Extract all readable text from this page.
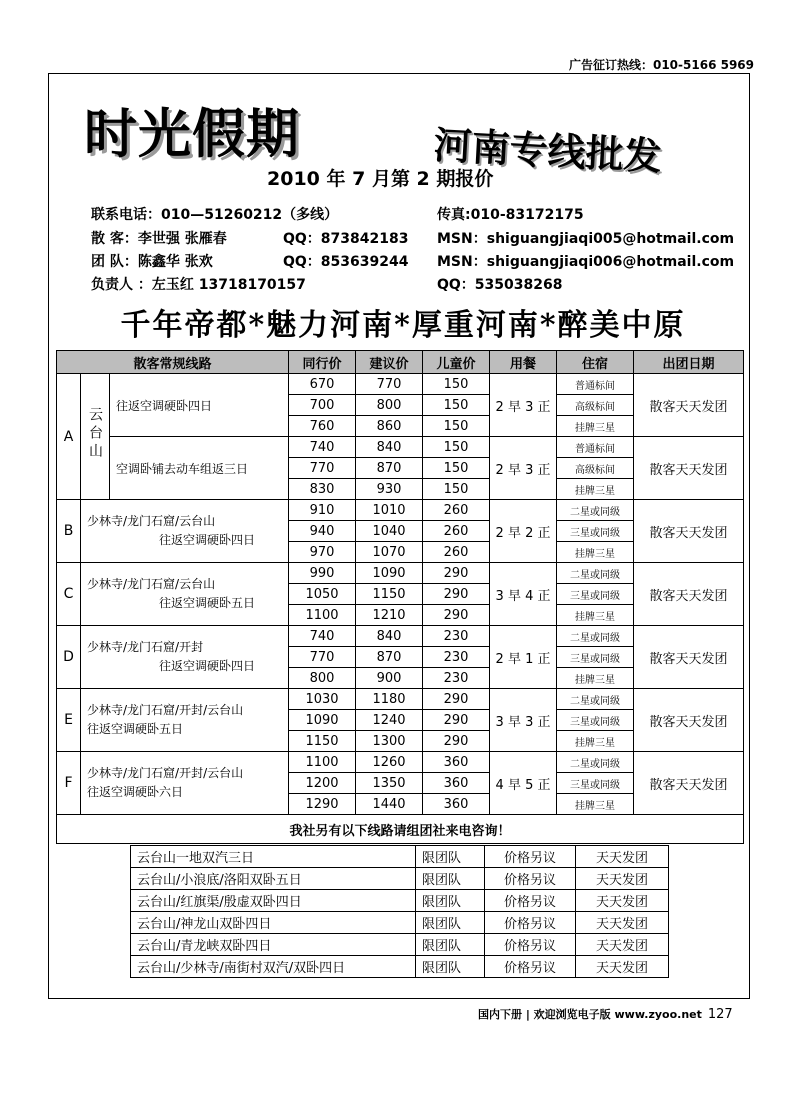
广告征订热线：010-5166 5969
时光假期	河南专线批发
2010 年 7 月第 2 期报价
联系电话：010—51260212（多线）	传真:010-83172175
散 客：李世强 张雁春	QQ：873842183 MSN：shiguangjiaqi005@hotmail.com
团 队：陈鑫华 张欢	QQ：853639244 MSN：shiguangjiaqi006@hotmail.com
负责人 ：左玉红 13718170157	QQ：535038268
千年帝都*魅力河南*厚重河南*醉美中原
散客常规线路			同行价	建议价	儿童价	用餐	住宿	出团日期
A	云台山	往返空调硬卧四日	670	770	150	2 早 3 正	普通标间	散客天天发团
			700	800	150		高级标间	
			760	860	150		挂牌三星	
		空调卧铺去动车组返三日	740	840	150	2 早 3 正	普通标间	散客天天发团
			770	870	150		高级标间	
			830	930	150		挂牌三星	
B	少林寺/龙门石窟/云台山
往返空调硬卧四日		910	1010	260	2 早 2 正	二星或同级	散客天天发团
			940	1040	260		三星或同级	
			970	1070	260		挂牌三星	
C	少林寺/龙门石窟/云台山
往返空调硬卧五日		990	1090	290	3 早 4 正	二星或同级	散客天天发团
			1050	1150	290		三星或同级	
			1100	1210	290		挂牌三星	
D	少林寺/龙门石窟/开封
往返空调硬卧四日		740	840	230	2 早 1 正	二星或同级	散客天天发团
			770	870	230		三星或同级	
			800	900	230		挂牌三星	
E	少林寺/龙门石窟/开封/云台山
往返空调硬卧五日		1030	1180	290	3 早 3 正	二星或同级	散客天天发团
			1090	1240	290		三星或同级	
			1150	1300	290		挂牌三星	
F	少林寺/龙门石窟/开封/云台山
往返空调硬卧六日		1100	1260	360	4 早 5 正	二星或同级	散客天天发团
			1200	1350	360		三星或同级	
			1290	1440	360		挂牌三星	
我社另有以下线路请组团社来电咨询！								
云台山一地双汽三日	限团队	价格另议	天天发团
云台山/小浪底/洛阳双卧五日	限团队	价格另议	天天发团
云台山/红旗渠/殷虚双卧四日	限团队	价格另议	天天发团
云台山/神龙山双卧四日	限团队	价格另议	天天发团
云台山/青龙峡双卧四日	限团队	价格另议	天天发团
云台山/少林寺/南街村双汽/双卧四日	限团队	价格另议	天天发团
国内下册 | 欢迎浏览电子版 www.zyoo.net 127
